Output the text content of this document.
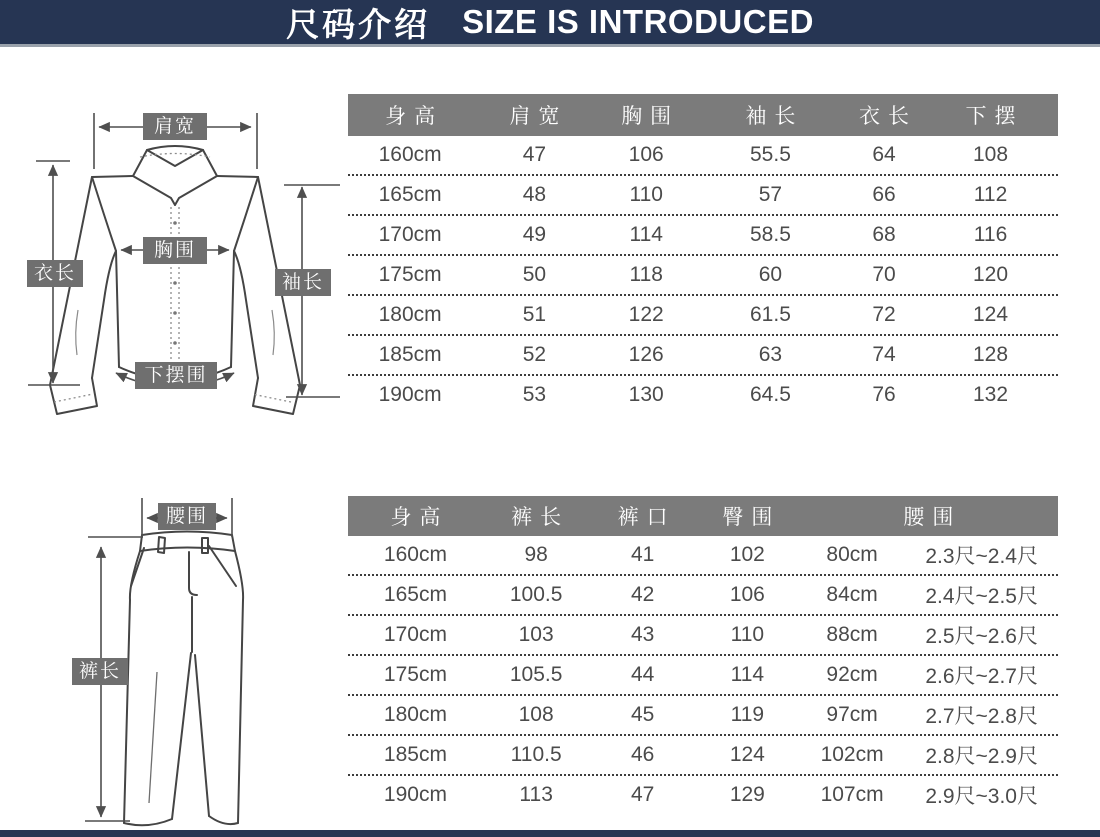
尺码介绍 SIZE IS INTRODUCED
肩宽
胸围
衣长	袖长
下摆围
身高	肩宽	胸围	袖长	衣长	下摆
160cm	47	106	55.5	64	108
165cm	48	110	57	66	112
170cm	49	114	58.5	68	116
175cm	50	118	60	70	120
180cm	51	122	61.5	72	124
185cm	52	126	63	74	128
190cm	53	130	64.5	76	132
腰围
裤长
身高	裤长	裤口	臀围	腰围
160cm	98	41	102	80cm	2.3尺~2.4尺
165cm	100.5	42	106	84cm	2.4尺~2.5尺
170cm	103	43	110	88cm	2.5尺~2.6尺
175cm	105.5	44	114	92cm	2.6尺~2.7尺
180cm	108	45	119	97cm	2.7尺~2.8尺
185cm	110.5	46	124	102cm	2.8尺~2.9尺
190cm	113	47	129	107cm	2.9尺~3.0尺
